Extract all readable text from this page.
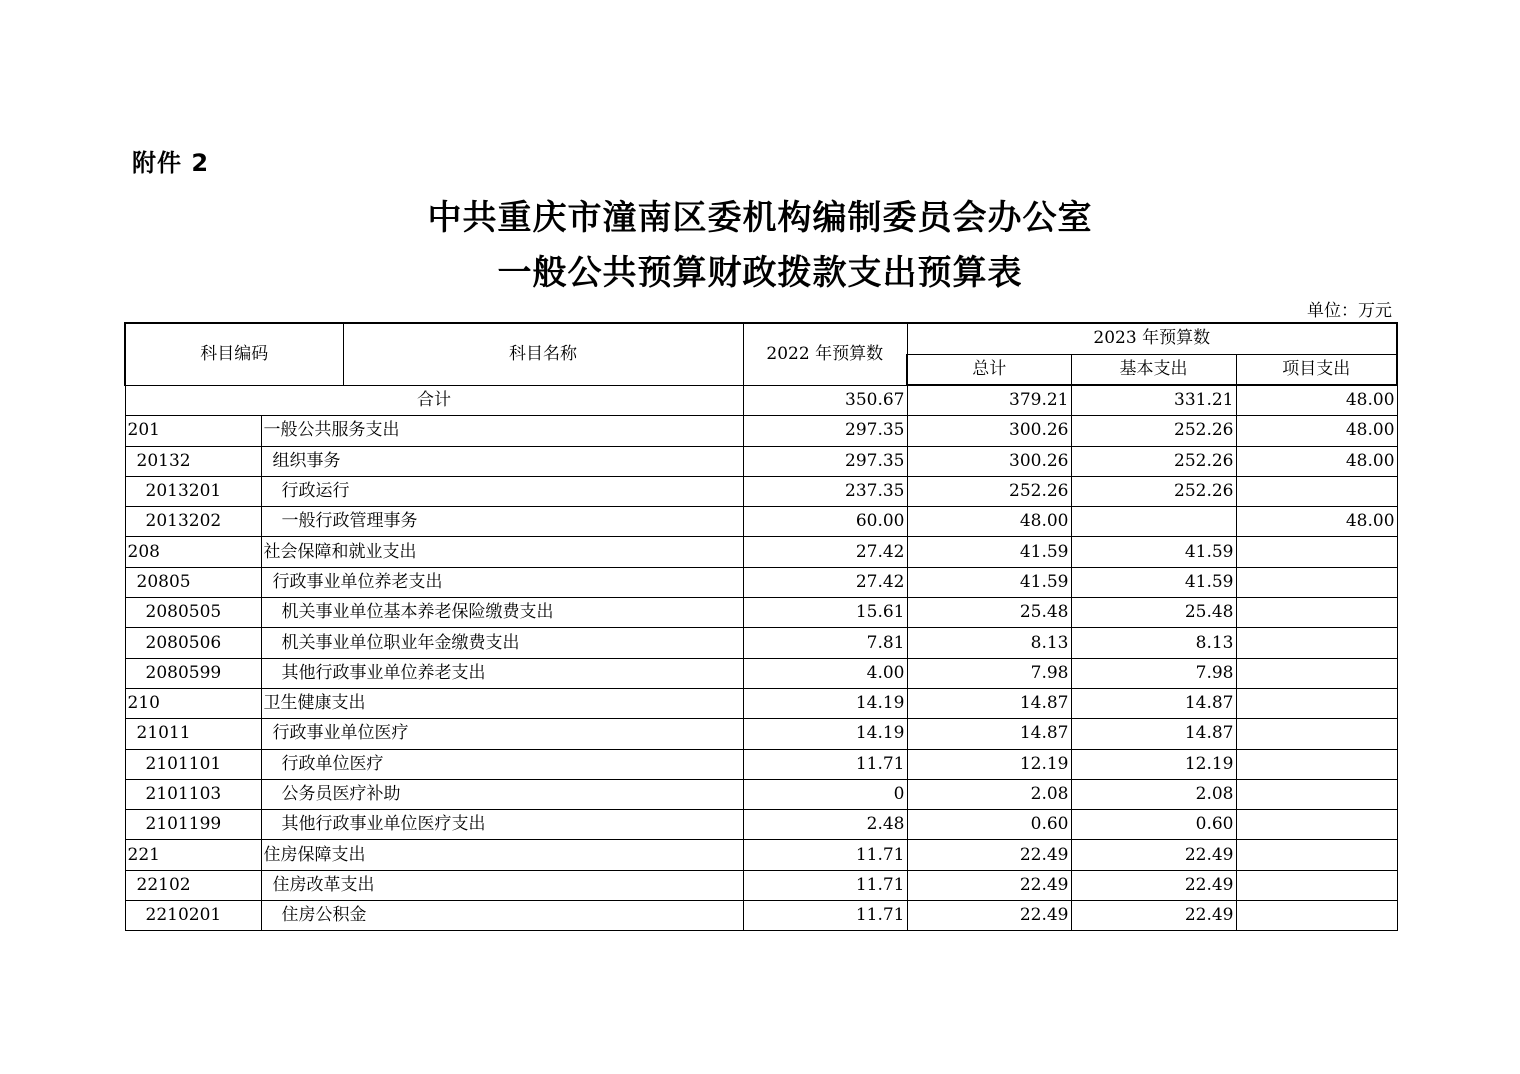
附件 2
中共重庆市潼南区委机构编制委员会办公室
一般公共预算财政拨款支出预算表
单位：万元
科目编码		科目名称	2022 年预算数	2023 年预算数		
				总计	基本支出	项目支出
合计			350.67	379.21	331.21	48.00
201	一般公共服务支出		297.35	300.26	252.26	48.00
20132	组织事务		297.35	300.26	252.26	48.00
2013201	行政运行		237.35	252.26	252.26	
2013202	一般行政管理事务		60.00	48.00		48.00
208	社会保障和就业支出		27.42	41.59	41.59	
20805	行政事业单位养老支出		27.42	41.59	41.59	
2080505	机关事业单位基本养老保险缴费支出		15.61	25.48	25.48	
2080506	机关事业单位职业年金缴费支出		7.81	8.13	8.13	
2080599	其他行政事业单位养老支出		4.00	7.98	7.98	
210	卫生健康支出		14.19	14.87	14.87	
21011	行政事业单位医疗		14.19	14.87	14.87	
2101101	行政单位医疗		11.71	12.19	12.19	
2101103	公务员医疗补助		0	2.08	2.08	
2101199	其他行政事业单位医疗支出		2.48	0.60	0.60	
221	住房保障支出		11.71	22.49	22.49	
22102	住房改革支出		11.71	22.49	22.49	
2210201	住房公积金		11.71	22.49	22.49	
